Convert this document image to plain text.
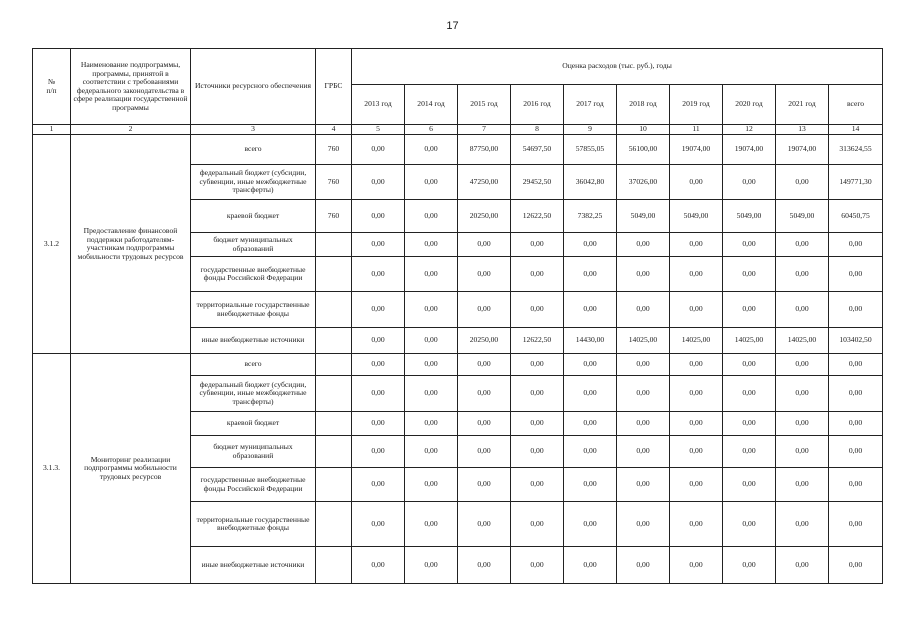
17
№
п/п	Наименование подпрограммы, программы, принятой в соответствии с требованиями федерального законодательства в сфере реализации государственной программы	Источники ресурсного обеспечения	ГРБС	Оценка расходов (тыс. руб.), годы									
				2013 год	2014 год	2015 год	2016 год	2017 год	2018 год	2019 год	2020 год	2021 год	всего
1	2	3	4	5	6	7	8	9	10	11	12	13	14
3.1.2	Предоставление финансовой поддержки работодателям-участникам подпрограммы мобильности трудовых ресурсов	всего	760	0,00	0,00	87750,00	54697,50	57855,05	56100,00	19074,00	19074,00	19074,00	313624,55
		федеральный бюджет (субсидии, субвенции, иные межбюджетные трансферты)	760	0,00	0,00	47250,00	29452,50	36042,80	37026,00	0,00	0,00	0,00	149771,30
		краевой бюджет	760	0,00	0,00	20250,00	12622,50	7382,25	5049,00	5049,00	5049,00	5049,00	60450,75
		бюджет муниципальных образований		0,00	0,00	0,00	0,00	0,00	0,00	0,00	0,00	0,00	0,00
		государственные внебюджетные фонды Российской Федерации		0,00	0,00	0,00	0,00	0,00	0,00	0,00	0,00	0,00	0,00
		территориальные государственные внебюджетные фонды		0,00	0,00	0,00	0,00	0,00	0,00	0,00	0,00	0,00	0,00
		иные внебюджетные источники		0,00	0,00	20250,00	12622,50	14430,00	14025,00	14025,00	14025,00	14025,00	103402,50
3.1.3.	Мониторинг реализации подпрограммы мобильности трудовых ресурсов	всего		0,00	0,00	0,00	0,00	0,00	0,00	0,00	0,00	0,00	0,00
		федеральный бюджет (субсидии, субвенции, иные межбюджетные трансферты)		0,00	0,00	0,00	0,00	0,00	0,00	0,00	0,00	0,00	0,00
		краевой бюджет		0,00	0,00	0,00	0,00	0,00	0,00	0,00	0,00	0,00	0,00
		бюджет муниципальных образований		0,00	0,00	0,00	0,00	0,00	0,00	0,00	0,00	0,00	0,00
		государственные внебюджетные фонды Российской Федерации		0,00	0,00	0,00	0,00	0,00	0,00	0,00	0,00	0,00	0,00
		территориальные государственные внебюджетные фонды		0,00	0,00	0,00	0,00	0,00	0,00	0,00	0,00	0,00	0,00
		иные внебюджетные источники		0,00	0,00	0,00	0,00	0,00	0,00	0,00	0,00	0,00	0,00
